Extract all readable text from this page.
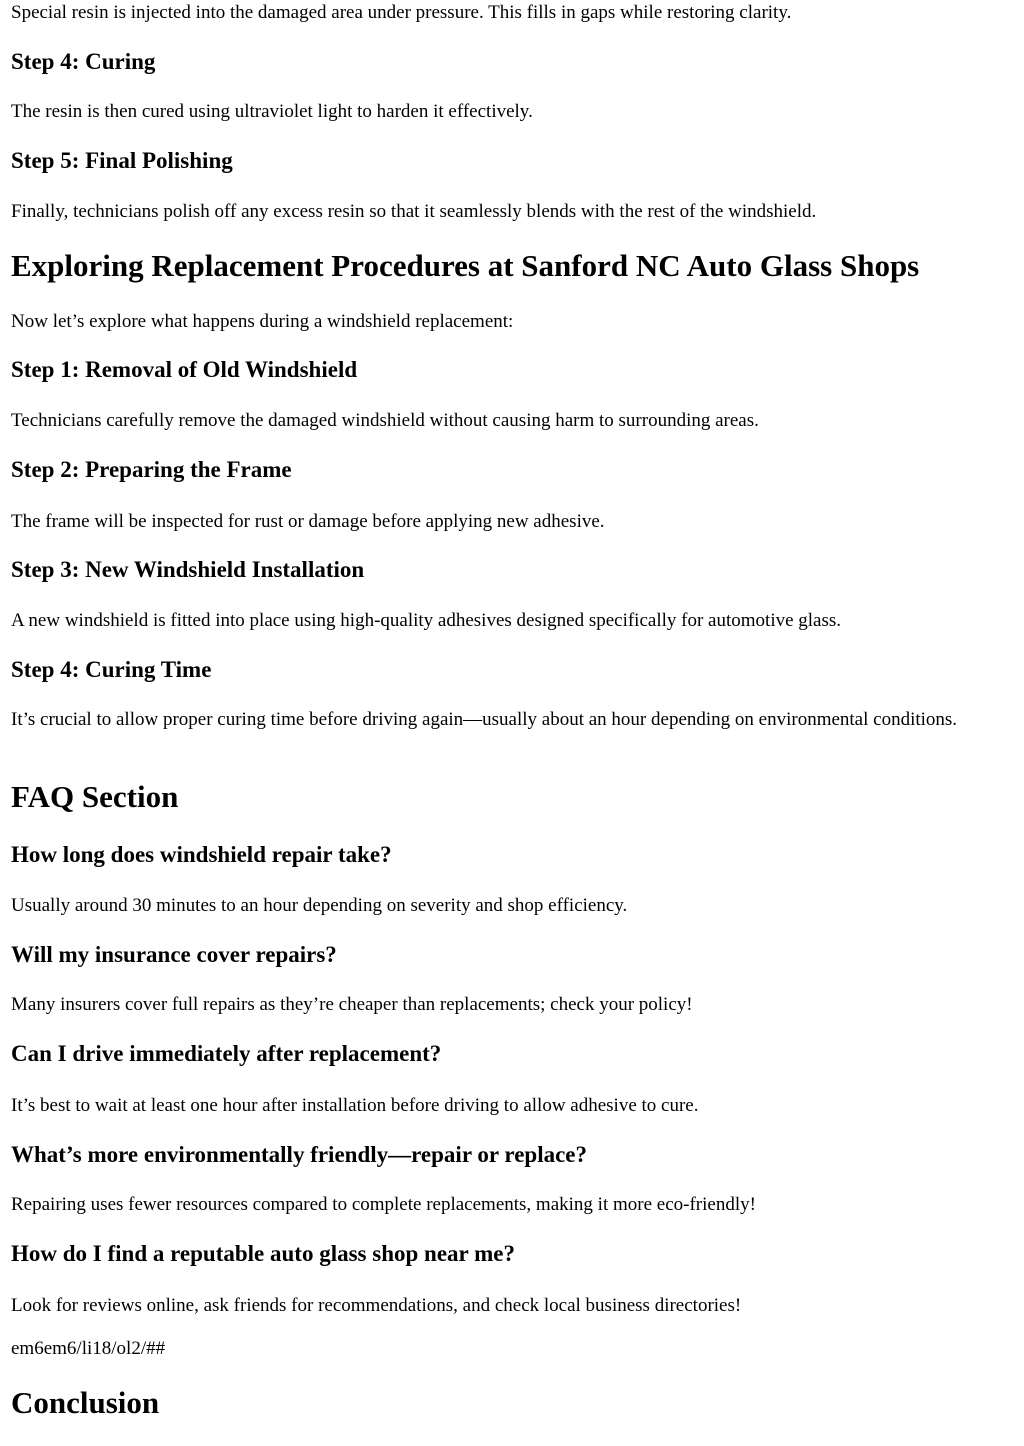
Special resin is injected into the damaged area under pressure. This fills in gaps while restoring clarity.

Step 4: Curing

The resin is then cured using ultraviolet light to harden it effectively.

Step 5: Final Polishing

Finally, technicians polish off any excess resin so that it seamlessly blends with the rest of the windshield.

Exploring Replacement Procedures at Sanford NC Auto Glass Shops

Now let’s explore what happens during a windshield replacement:

Step 1: Removal of Old Windshield

Technicians carefully remove the damaged windshield without causing harm to surrounding areas.

Step 2: Preparing the Frame

The frame will be inspected for rust or damage before applying new adhesive.

Step 3: New Windshield Installation

A new windshield is fitted into place using high-quality adhesives designed specifically for automotive glass.

Step 4: Curing Time

It’s crucial to allow proper curing time before driving again—usually about an hour depending on environmental conditions.

FAQ Section
How long does windshield repair take?

Usually around 30 minutes to an hour depending on severity and shop efficiency.

Will my insurance cover repairs?

Many insurers cover full repairs as they’re cheaper than replacements; check your policy!

Can I drive immediately after replacement?

It’s best to wait at least one hour after installation before driving to allow adhesive to cure.

What’s more environmentally friendly—repair or replace?

Repairing uses fewer resources compared to complete replacements, making it more eco-friendly!

How do I find a reputable auto glass shop near me?

Look for reviews online, ask friends for recommendations, and check local business directories!

em6em6/li18/ol2/##

Conclusion
